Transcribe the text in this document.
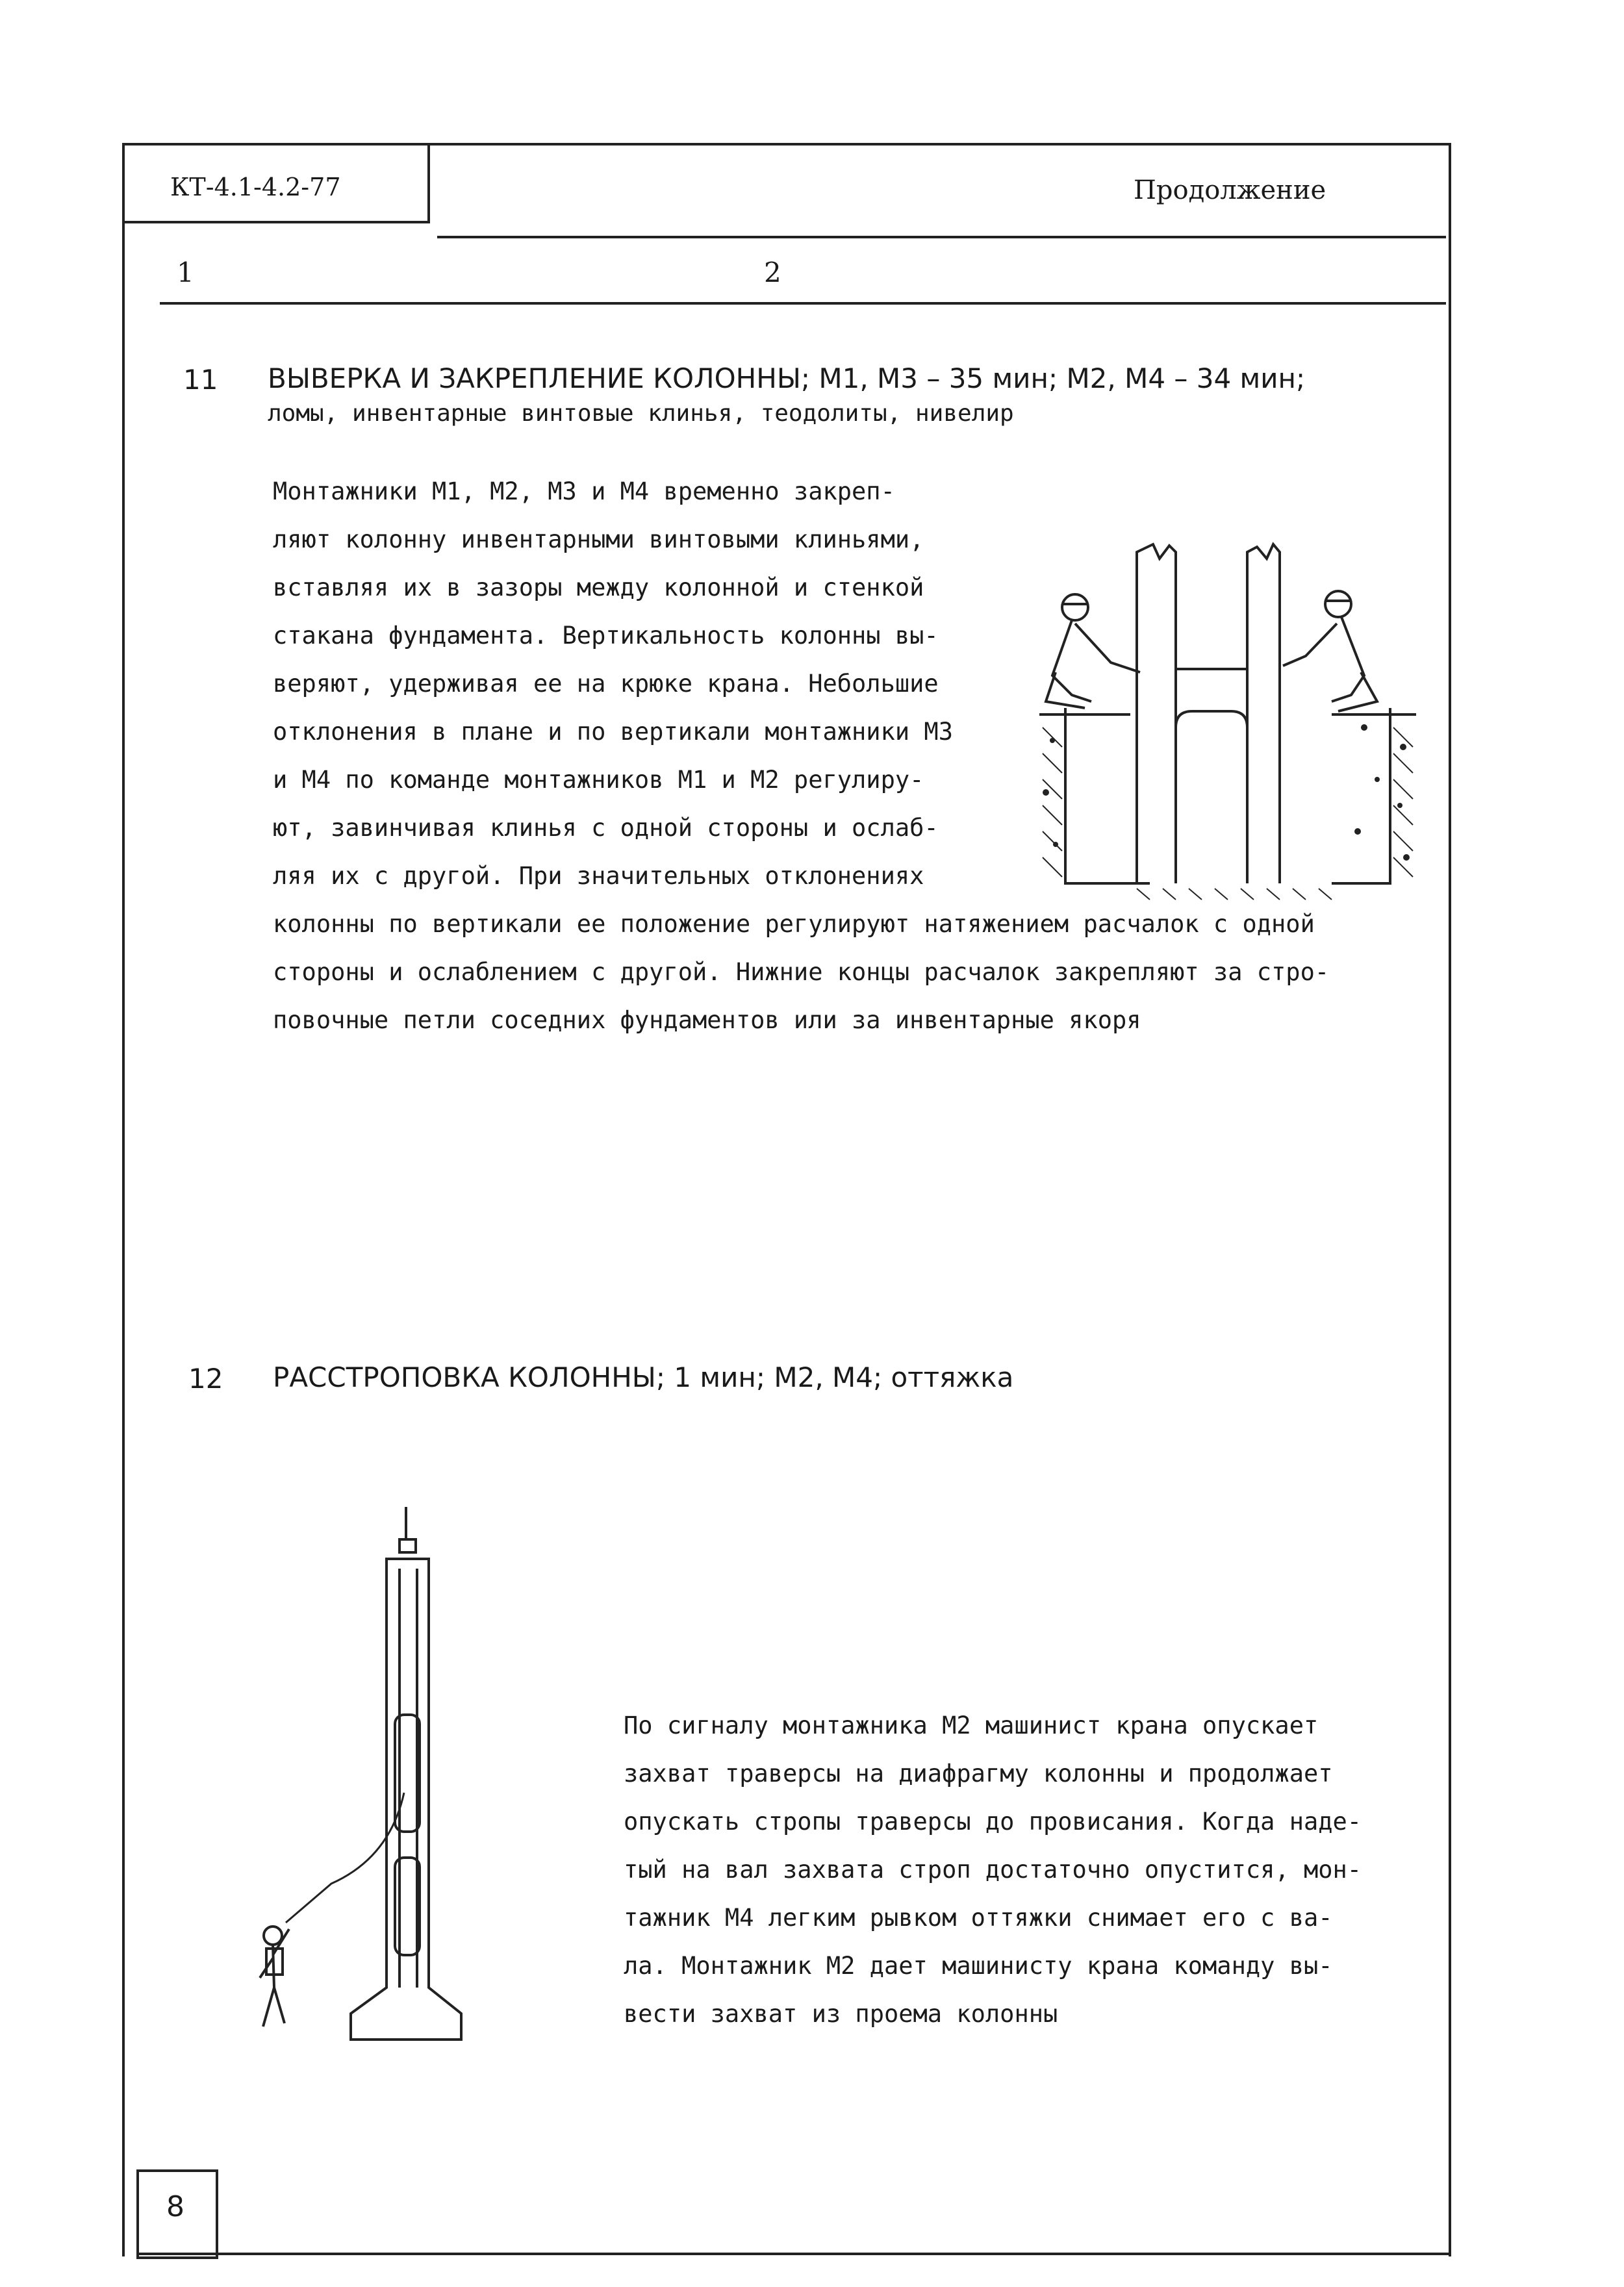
КТ-4.1-4.2-77	Продолжение
1	2
11 ВЫВЕРКА И ЗАКРЕПЛЕНИЕ КОЛОННЫ; М1, М3 – 35 мин; М2, М4 – 34 мин;
ломы, инвентарные винтовые клинья, теодолиты, нивелир

Монтажники М1, М2, М3 и М4 временно закреп-

ляют колонну инвентарными винтовыми клиньями,

вставляя их в зазоры между колонной и стенкой

стакана фундамента. Вертикальность колонны вы-

веряют, удерживая ее на крюке крана. Небольшие

отклонения в плане и по вертикали монтажники М3

и М4 по команде монтажников М1 и М2 регулиру-

ют, завинчивая клинья с одной стороны и ослаб-

ляя их с другой. При значительных отклонениях

колонны по вертикали ее положение регулируют натяжением расчалок с одной

стороны и ослаблением с другой. Нижние концы расчалок закрепляют за стро-

повочные петли соседних фундаментов или за инвентарные якоря

12 РАССТРОПОВКА КОЛОННЫ; 1 мин; М2, М4; оттяжка

По сигналу монтажника М2 машинист крана опускает

захват траверсы на диафрагму колонны и продолжает

опускать стропы траверсы до провисания. Когда наде-

тый на вал захвата строп достаточно опустится, мон-

тажник М4 легким рывком оттяжки снимает его с ва-

ла. Монтажник М2 дает машинисту крана команду вы-

вести захват из проема колонны

8
